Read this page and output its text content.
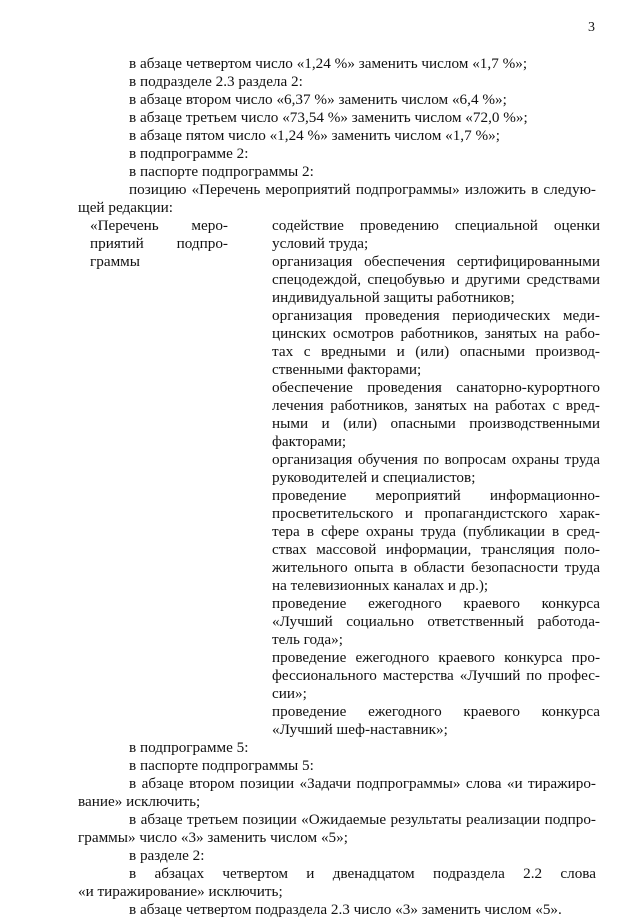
3

в абзаце четвертом число «1,24 %» заменить числом «1,7 %»;

в подразделе 2.3 раздела 2:

в абзаце втором число «6,37 %» заменить числом «6,4 %»;

в абзаце третьем число «73,54 %» заменить числом «72,0 %»;

в абзаце пятом число «1,24 %» заменить числом «1,7 %»;

в подпрограмме 2:

в паспорте подпрограммы 2:

позицию «Перечень мероприятий подпрограммы» изложить в следую-

щей редакции:

«Перечень меро-
приятий подпро-
граммы
содействие проведению специальной оценки
условий труда;
организация обеспечения сертифицированными
спецодеждой, спецобувью и другими средствами
индивидуальной защиты работников;
организация проведения периодических меди-
цинских осмотров работников, занятых на рабо-
тах с вредными и (или) опасными производ-
ственными факторами;
обеспечение проведения санаторно-курортного
лечения работников, занятых на работах с вред-
ными и (или) опасными производственными
факторами;
организация обучения по вопросам охраны труда
руководителей и специалистов;
проведение мероприятий информационно-
просветительского и пропагандистского харак-
тера в сфере охраны труда (публикации в сред-
ствах массовой информации, трансляция поло-
жительного опыта в области безопасности труда
на телевизионных каналах и др.);
проведение ежегодного краевого конкурса
«Лучший социально ответственный работода-
тель года»;
проведение ежегодного краевого конкурса про-
фессионального мастерства «Лучший по профес-
сии»;
проведение ежегодного краевого конкурса
«Лучший шеф-наставник»;

в подпрограмме 5:

в паспорте подпрограммы 5:

в абзаце втором позиции «Задачи подпрограммы» слова «и тиражиро-

вание» исключить;

в абзаце третьем позиции «Ожидаемые результаты реализации подпро-

граммы» число «3» заменить числом «5»;

в разделе 2:

в абзацах четвертом и двенадцатом подраздела 2.2 слова

«и тиражирование» исключить;

в абзаце четвертом подраздела 2.3 число «3» заменить числом «5».
